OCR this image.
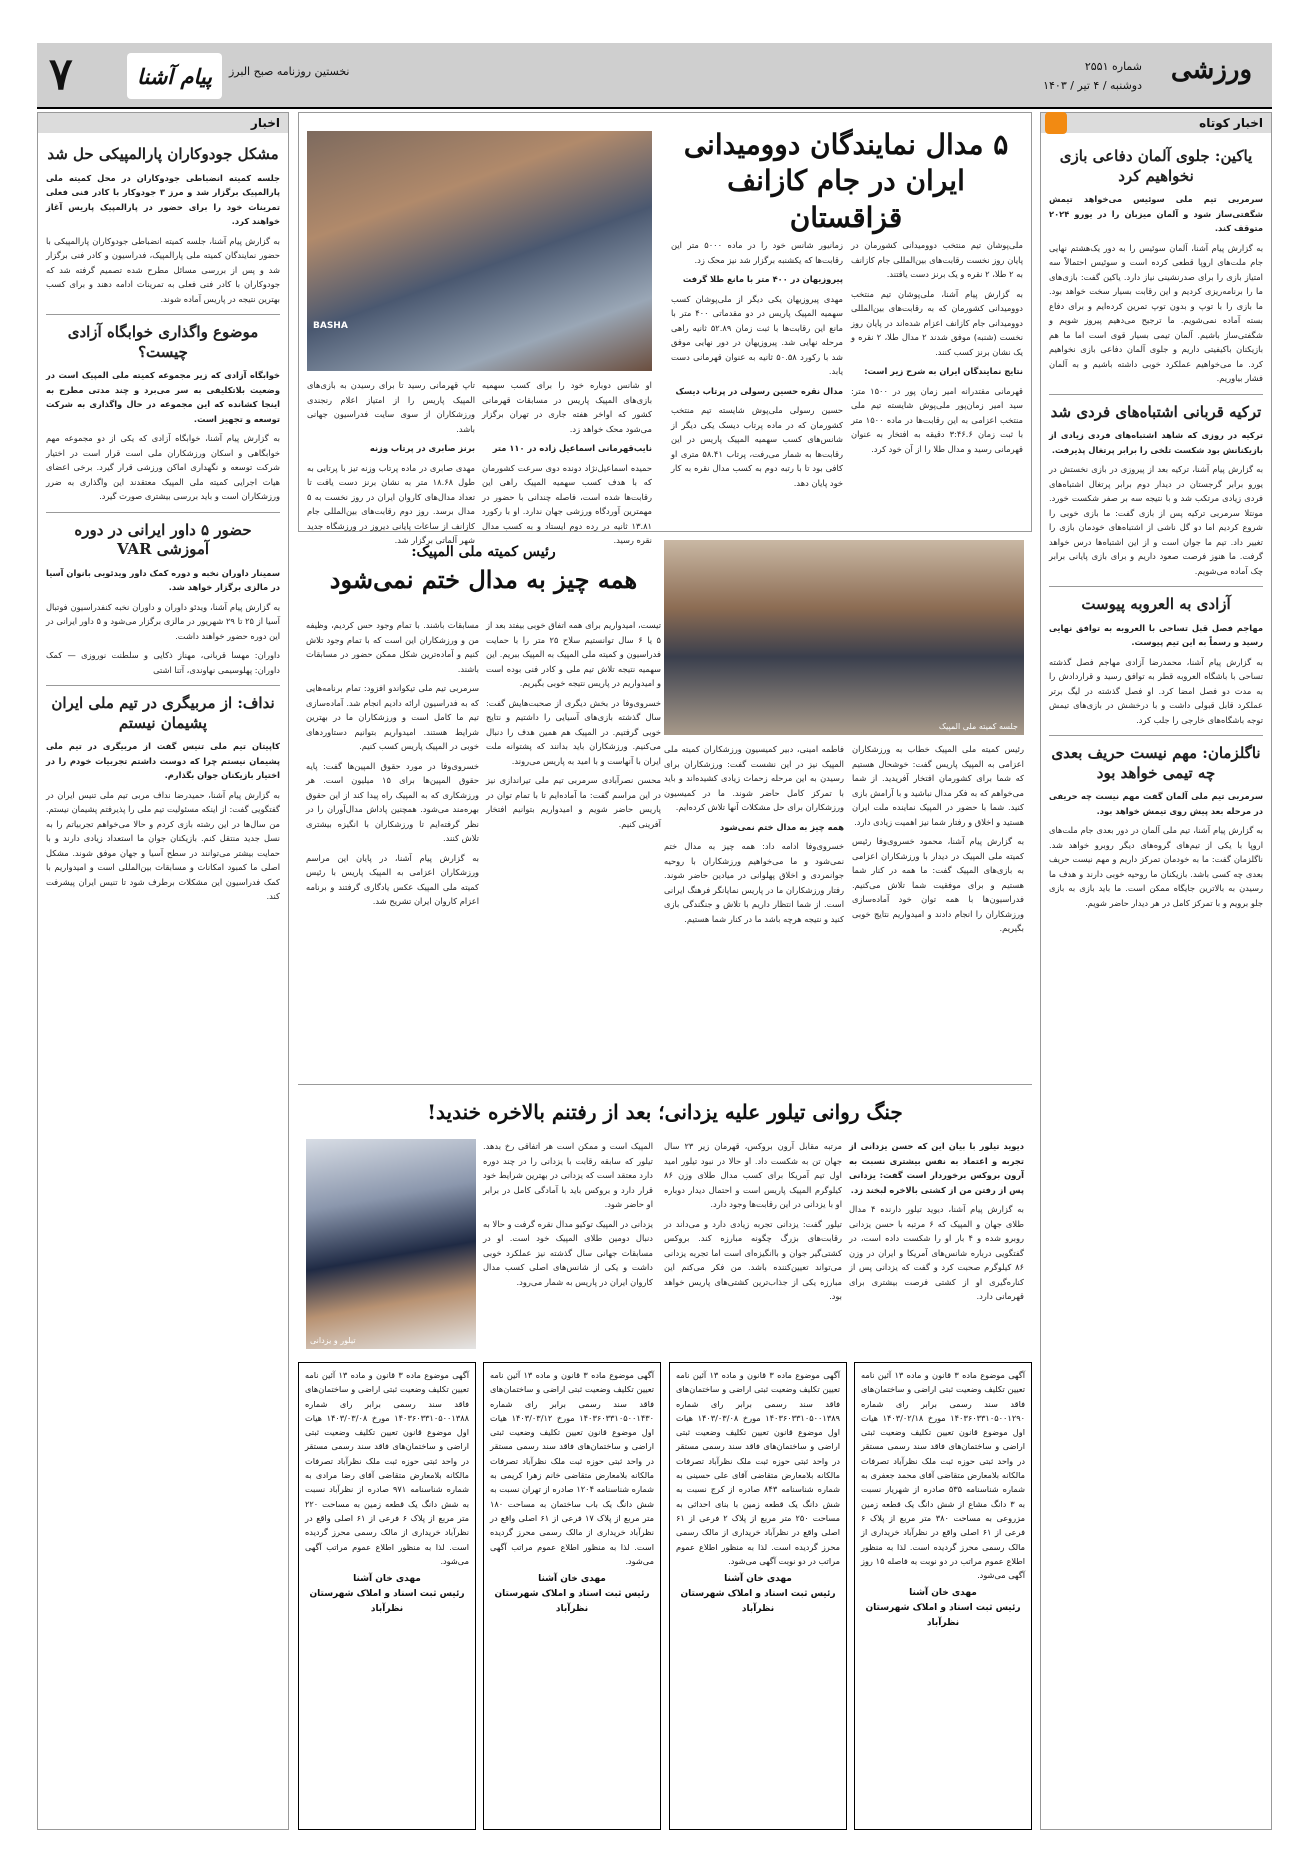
ورزشی
شماره ۲۵۵۱
دوشنبه / ۴ تیر / ۱۴۰۳
۷	پیام آشنا	نخستین روزنامه صبح البرز
اخبار کوتاه
یاکین: جلوی آلمان دفاعی بازی نخواهیم کرد

سرمربی تیم ملی سوئیس می‌خواهد تیمش شگفتی‌ساز شود و آلمان میزبان را در یورو ۲۰۲۴ متوقف کند.

به گزارش پیام آشنا، آلمان سوئیس را به دور یک‌هشتم نهایی جام ملت‌های اروپا قطعی کرده است و سوئیس احتمالاً سه امتیاز بازی را برای صدرنشینی نیاز دارد. یاکین گفت: بازی‌های ما را برنامه‌ریزی کردیم و این رقابت بسیار سخت خواهد بود. ما بازی را با توپ و بدون توپ تمرین کرده‌ایم و برای دفاع بسته آماده نمی‌شویم. ما ترجیح می‌دهیم پیروز شویم و شگفتی‌ساز باشیم. آلمان تیمی بسیار قوی است اما ما هم بازیکنان باکیفیتی داریم و جلوی آلمان دفاعی بازی نخواهیم کرد. ما می‌خواهیم عملکرد خوبی داشته باشیم و به آلمان فشار بیاوریم.

ترکیه قربانی اشتباه‌های فردی شد

ترکیه در روزی که شاهد اشتباه‌های فردی زیادی از بازیکنانش بود شکست تلخی را برابر پرتغال پذیرفت.

به گزارش پیام آشنا، ترکیه بعد از پیروزی در بازی نخستش در یورو برابر گرجستان در دیدار دوم برابر پرتغال اشتباه‌های فردی زیادی مرتکب شد و با نتیجه سه بر صفر شکست خورد. مونتلا سرمربی ترکیه پس از بازی گفت: ما بازی خوبی را شروع کردیم اما دو گل ناشی از اشتباه‌های خودمان بازی را تغییر داد. تیم ما جوان است و از این اشتباه‌ها درس خواهد گرفت. ما هنوز فرصت صعود داریم و برای بازی پایانی برابر چک آماده می‌شویم.

آزادی به العروبه پیوست

مهاجم فصل قبل تساحی با العروبه به توافق نهایی رسید و رسماً به این تیم پیوست.

به گزارش پیام آشنا، محمدرضا آزادی مهاجم فصل گذشته تساحی با باشگاه العروبه قطر به توافق رسید و قراردادش را به مدت دو فصل امضا کرد. او فصل گذشته در لیگ برتر عملکرد قابل قبولی داشت و با درخشش در بازی‌های تیمش توجه باشگاه‌های خارجی را جلب کرد.

ناگلزمان: مهم نیست حریف بعدی چه تیمی خواهد بود

سرمربی تیم ملی آلمان گفت مهم نیست چه حریفی در مرحله بعد پیش روی تیمش خواهد بود.

به گزارش پیام آشنا، تیم ملی آلمان در دور بعدی جام ملت‌های اروپا با یکی از تیم‌های گروه‌های دیگر روبرو خواهد شد. ناگلزمان گفت: ما به خودمان تمرکز داریم و مهم نیست حریف بعدی چه کسی باشد. بازیکنان ما روحیه خوبی دارند و هدف ما رسیدن به بالاترین جایگاه ممکن است. ما باید بازی به بازی جلو برویم و با تمرکز کامل در هر دیدار حاضر شویم.

۵ مدال نمایندگان دوومیدانی
ایران در جام کازانف قزاقستان
BASHA

ملی‌پوشان تیم منتخب دوومیدانی کشورمان در پایان روز نخست رقابت‌های بین‌المللی جام کازانف به ۲ طلا، ۲ نقره و یک برنز دست یافتند.

به گزارش پیام آشنا، ملی‌پوشان تیم منتخب دوومیدانی کشورمان که به رقابت‌های بین‌المللی دوومیدانی جام کازانف اعزام شده‌اند در پایان روز نخست (شنبه) موفق شدند ۲ مدال طلا، ۲ نقره و یک نشان برنز کسب کنند.

نتایج نمایندگان ایران به شرح زیر است:

قهرمانی مقتدرانه امیر زمان پور در ۱۵۰۰ متر: سید امیر زمان‌پور ملی‌پوش شایسته تیم ملی منتخب اعزامی به این رقابت‌ها در ماده ۱۵۰۰ متر با ثبت زمان ۳:۴۶.۶ دقیقه به افتخار به عنوان قهرمانی رسید و مدال طلا را از آن خود کرد.

زمانیور شانس خود را در ماده ۵۰۰۰ متر این رقابت‌ها که یکشنبه برگزار شد نیز محک زد.

پیروزیهان در ۴۰۰ متر با مانع طلا گرفت

مهدی پیروزیهان یکی دیگر از ملی‌پوشان کسب سهمیه المپیک پاریس در دو مقدماتی ۴۰۰ متر با مانع این رقابت‌ها با ثبت زمان ۵۲.۸۹ ثانیه راهی مرحله نهایی شد. پیروزیهان در دور نهایی موفق شد با رکورد ۵۰.۵۸ ثانیه به عنوان قهرمانی دست یابد.

مدال نقره حسین رسولی در پرتاب دیسک

حسین رسولی ملی‌پوش شایسته تیم منتخب کشورمان که در ماده پرتاب دیسک یکی دیگر از شانس‌های کسب سهمیه المپیک پاریس در این رقابت‌ها به شمار می‌رفت، پرتاب ۵۸.۴۱ متری او کافی بود تا با رتبه دوم به کسب مدال نقره به کار خود پایان دهد.

او شانس دوباره خود را برای کسب سهمیه بازی‌های المپیک پاریس در مسابقات قهرمانی کشور که اواخر هفته جاری در تهران برگزار می‌شود محک خواهد زد.

نایب‌قهرمانی اسماعیل زاده در ۱۱۰ متر

حمیده اسماعیل‌نژاد دونده دوی سرعت کشورمان که با هدف کسب سهمیه المپیک راهی این رقابت‌ها شده است، فاصله چندانی با حضور در مهمترین آوردگاه ورزشی جهان ندارد. او با رکورد ۱۳.۸۱ ثانیه در رده دوم ایستاد و به کسب مدال نقره رسید.

تاپ قهرمانی رسید تا برای رسیدن به بازی‌های المپیک پاریس را از امتیاز اعلام رنجندی ورزشکاران از سوی سایت فدراسیون جهانی باشد.

برنز صابری در پرتاب وزنه

مهدی صابری در ماده پرتاب وزنه تیز با پرتابی به طول ۱۸.۶۸ متر به نشان برنز دست یافت تا تعداد مدال‌های کاروان ایران در روز نخست به ۵ مدال برسد. روز دوم رقابت‌های بین‌المللی جام کازانف از ساعات پایانی دیروز در ورزشگاه جدید شهر آلماتی برگزار شد.

جلسه کمیته ملی المپیک
رئیس کمیته ملی المپیک:
همه چیز به مدال ختم نمی‌شود

رئیس کمیته ملی المپیک خطاب به ورزشکاران اعزامی به المپیک پاریس گفت: خوشحال هستیم که شما برای کشورمان افتخار آفریدید. از شما می‌خواهم که به فکر مدال نباشید و با آرامش بازی کنید. شما با حضور در المپیک نماینده ملت ایران هستید و اخلاق و رفتار شما نیز اهمیت زیادی دارد.

به گزارش پیام آشنا، محمود خسروی‌وفا رئیس کمیته ملی المپیک در دیدار با ورزشکاران اعزامی به بازی‌های المپیک گفت: ما همه در کنار شما هستیم و برای موفقیت شما تلاش می‌کنیم. فدراسیون‌ها با همه توان خود آماده‌سازی ورزشکاران را انجام دادند و امیدواریم نتایج خوبی بگیریم.

فاطمه امینی، دبیر کمیسیون ورزشکاران کمیته ملی المپیک نیز در این نشست گفت: ورزشکاران برای رسیدن به این مرحله زحمات زیادی کشیده‌اند و باید با تمرکز کامل حاضر شوند. ما در کمیسیون ورزشکاران برای حل مشکلات آنها تلاش کرده‌ایم.

همه چیز به مدال ختم نمی‌شود

خسروی‌وفا ادامه داد: همه چیز به مدال ختم نمی‌شود و ما می‌خواهیم ورزشکاران با روحیه جوانمردی و اخلاق پهلوانی در میادین حاضر شوند. رفتار ورزشکاران ما در پاریس نمایانگر فرهنگ ایرانی است. از شما انتظار داریم با تلاش و جنگندگی بازی کنید و نتیجه هرچه باشد ما در کنار شما هستیم.

تیست، امیدواریم برای همه اتفاق خوبی بیفتد بعد از ۵ یا ۶ سال توانستیم سلاح ۲۵ متر را با حمایت فدراسیون و کمیته ملی المپیک به المپیک ببریم. این سهمیه نتیجه تلاش تیم ملی و کادر فنی بوده است و امیدواریم در پاریس نتیجه خوبی بگیریم.

خسروی‌وفا در بخش دیگری از صحبت‌هایش گفت: سال گذشته بازی‌های آسیایی را داشتیم و نتایج خوبی گرفتیم. در المپیک هم همین هدف را دنبال می‌کنیم. ورزشکاران باید بدانند که پشتوانه ملت ایران با آنهاست و با امید به پاریس می‌روند.

محسن نصرآبادی سرمربی تیم ملی تیراندازی نیز در این مراسم گفت: ما آماده‌ایم تا با تمام توان در پاریس حاضر شویم و امیدواریم بتوانیم افتخار آفرینی کنیم.

مسابقات باشند. با تمام وجود حس کردیم، وظیفه من و ورزشکاران این است که با تمام وجود تلاش کنیم و آماده‌ترین شکل ممکن حضور در مسابقات باشند.

سرمربی تیم ملی تیکواندو افزود: تمام برنامه‌هایی که به فدراسیون ارائه دادیم انجام شد. آماده‌سازی تیم ما کامل است و ورزشکاران ما در بهترین شرایط هستند. امیدواریم بتوانیم دستاوردهای خوبی در المپیک پاریس کسب کنیم.

خسروی‌وفا در مورد حقوق المپین‌ها گفت: پایه حقوق المپین‌ها برای ۱۵ میلیون است. هر ورزشکاری که به المپیک راه پیدا کند از این حقوق بهره‌مند می‌شود. همچنین پاداش مدال‌آوران را در نظر گرفته‌ایم تا ورزشکاران با انگیزه بیشتری تلاش کنند.

به گزارش پیام آشنا، در پایان این مراسم ورزشکاران اعزامی به المپیک پاریس با رئیس کمیته ملی المپیک عکس یادگاری گرفتند و برنامه اعزام کاروان ایران تشریح شد.

جنگ روانی تیلور علیه یزدانی؛ بعد از رفتنم بالاخره خندید!
تیلور و یزدانی

دیوید تیلور با بیان این که حسن یزدانی از تجربه و اعتماد به نفس بیشتری نسبت به آرون بروکس برخوردار است گفت: یزدانی پس از رفتن من از کشتی بالاخره لبخند زد.

به گزارش پیام آشنا، دیوید تیلور دارنده ۴ مدال طلای جهان و المپیک که ۶ مرتبه با حسن یزدانی روبرو شده و ۴ بار او را شکست داده است، در گفتگویی درباره شانس‌های آمریکا و ایران در وزن ۸۶ کیلوگرم صحبت کرد و گفت که یزدانی پس از کناره‌گیری او از کشتی فرصت بیشتری برای قهرمانی دارد.

مرتبه مقابل آرون بروکس، قهرمان زیر ۲۳ سال جهان تن به شکست داد. او حالا در نبود تیلور امید اول تیم آمریکا برای کسب مدال طلای وزن ۸۶ کیلوگرم المپیک پاریس است و احتمال دیدار دوباره او با یزدانی در این رقابت‌ها وجود دارد.

تیلور گفت: یزدانی تجربه زیادی دارد و می‌داند در رقابت‌های بزرگ چگونه مبارزه کند. بروکس کشتی‌گیر جوان و باانگیزه‌ای است اما تجربه یزدانی می‌تواند تعیین‌کننده باشد. من فکر می‌کنم این مبارزه یکی از جذاب‌ترین کشتی‌های پاریس خواهد بود.

المپیک است و ممکن است هر اتفاقی رخ بدهد. تیلور که سابقه رقابت با یزدانی را در چند دوره دارد معتقد است که یزدانی در بهترین شرایط خود قرار دارد و بروکس باید با آمادگی کامل در برابر او حاضر شود.

یزدانی در المپیک توکیو مدال نقره گرفت و حالا به دنبال دومین طلای المپیک خود است. او در مسابقات جهانی سال گذشته نیز عملکرد خوبی داشت و یکی از شانس‌های اصلی کسب مدال کاروان ایران در پاریس به شمار می‌رود.

آگهی موضوع ماده ۳ قانون و ماده ۱۳ آئین نامه تعیین تکلیف وضعیت ثبتی اراضی و ساختمان‌های فاقد سند رسمی برابر رای شماره ۱۴۰۳۶۰۳۳۱۰۵۰۰۱۲۹۰ مورخ ۱۴۰۳/۰۲/۱۸ هیات اول موضوع قانون تعیین تکلیف وضعیت ثبتی اراضی و ساختمان‌های فاقد سند رسمی مستقر در واحد ثبتی حوزه ثبت ملک نظرآباد تصرفات مالکانه بلامعارض متقاضی آقای محمد جعفری به شماره شناسنامه ۵۳۵ صادره از شهریار نسبت به ۳ دانگ مشاع از شش دانگ یک قطعه زمین مزروعی به مساحت ۳۸۰ متر مربع از پلاک ۶ فرعی از ۶۱ اصلی واقع در نظرآباد خریداری از مالک رسمی محرز گردیده است. لذا به منظور اطلاع عموم مراتب در دو نوبت به فاصله ۱۵ روز آگهی می‌شود.

مهدی خان آشنا
رئیس ثبت اسناد و املاک شهرستان نظرآباد

آگهی موضوع ماده ۳ قانون و ماده ۱۳ آئین نامه تعیین تکلیف وضعیت ثبتی اراضی و ساختمان‌های فاقد سند رسمی برابر رای شماره ۱۴۰۳۶۰۳۳۱۰۵۰۰۱۳۸۹ مورخ ۱۴۰۳/۰۳/۰۸ هیات اول موضوع قانون تعیین تکلیف وضعیت ثبتی اراضی و ساختمان‌های فاقد سند رسمی مستقر در واحد ثبتی حوزه ثبت ملک نظرآباد تصرفات مالکانه بلامعارض متقاضی آقای علی حسینی به شماره شناسنامه ۸۴۳ صادره از کرج نسبت به شش دانگ یک قطعه زمین با بنای احداثی به مساحت ۲۵۰ متر مربع از پلاک ۲ فرعی از ۶۱ اصلی واقع در نظرآباد خریداری از مالک رسمی محرز گردیده است. لذا به منظور اطلاع عموم مراتب در دو نوبت آگهی می‌شود.

مهدی خان آشنا
رئیس ثبت اسناد و املاک شهرستان نظرآباد

آگهی موضوع ماده ۳ قانون و ماده ۱۳ آئین نامه تعیین تکلیف وضعیت ثبتی اراضی و ساختمان‌های فاقد سند رسمی برابر رای شماره ۱۴۰۳۶۰۳۳۱۰۵۰۰۱۴۳۰ مورخ ۱۴۰۳/۰۳/۱۲ هیات اول موضوع قانون تعیین تکلیف وضعیت ثبتی اراضی و ساختمان‌های فاقد سند رسمی مستقر در واحد ثبتی حوزه ثبت ملک نظرآباد تصرفات مالکانه بلامعارض متقاضی خانم زهرا کریمی به شماره شناسنامه ۱۲۰۴ صادره از تهران نسبت به شش دانگ یک باب ساختمان به مساحت ۱۸۰ متر مربع از پلاک ۱۷ فرعی از ۶۱ اصلی واقع در نظرآباد خریداری از مالک رسمی محرز گردیده است. لذا به منظور اطلاع عموم مراتب آگهی می‌شود.

مهدی خان آشنا
رئیس ثبت اسناد و املاک شهرستان نظرآباد

آگهی موضوع ماده ۳ قانون و ماده ۱۳ آئین نامه تعیین تکلیف وضعیت ثبتی اراضی و ساختمان‌های فاقد سند رسمی برابر رای شماره ۱۴۰۳۶۰۳۳۱۰۵۰۰۱۳۸۸ مورخ ۱۴۰۳/۰۳/۰۸ هیات اول موضوع قانون تعیین تکلیف وضعیت ثبتی اراضی و ساختمان‌های فاقد سند رسمی مستقر در واحد ثبتی حوزه ثبت ملک نظرآباد تصرفات مالکانه بلامعارض متقاضی آقای رضا مرادی به شماره شناسنامه ۹۷۱ صادره از نظرآباد نسبت به شش دانگ یک قطعه زمین به مساحت ۲۲۰ متر مربع از پلاک ۶ فرعی از ۶۱ اصلی واقع در نظرآباد خریداری از مالک رسمی محرز گردیده است. لذا به منظور اطلاع عموم مراتب آگهی می‌شود.

مهدی خان آشنا
رئیس ثبت اسناد و املاک شهرستان نظرآباد
اخبار
مشکل جودوکاران پارالمپیکی حل شد

جلسه کمیته انضباطی جودوکاران در محل کمیته ملی پارالمپیک برگزار شد و مرز ۳ جودوکار با کادر فنی فعلی تمرینات خود را برای حضور در پارالمپیک پاریس آغاز خواهند کرد.

به گزارش پیام آشنا، جلسه کمیته انضباطی جودوکاران پارالمپیکی با حضور نمایندگان کمیته ملی پارالمپیک، فدراسیون و کادر فنی برگزار شد و پس از بررسی مسائل مطرح شده تصمیم گرفته شد که جودوکاران با کادر فنی فعلی به تمرینات ادامه دهند و برای کسب بهترین نتیجه در پاریس آماده شوند.

موضوع واگذاری خوابگاه آزادی چیست؟

خوابگاه آزادی که زیر مجموعه کمیته ملی المپیک است در وضعیت بلاتکلیفی به سر می‌برد و چند مدتی مطرح به اینجا کشانده که این مجموعه در حال واگذاری به شرکت توسعه و تجهیز است.

به گزارش پیام آشنا، خوابگاه آزادی که یکی از دو مجموعه مهم خوابگاهی و اسکان ورزشکاران ملی است قرار است در اختیار شرکت توسعه و نگهداری اماکن ورزشی قرار گیرد. برخی اعضای هیات اجرایی کمیته ملی المپیک معتقدند این واگذاری به ضرر ورزشکاران است و باید بررسی بیشتری صورت گیرد.

حضور ۵ داور ایرانی در دوره آموزشی VAR

سمینار داوران نخبه و دوره کمک داور ویدئویی بانوان آسیا در مالزی برگزار خواهد شد.

به گزارش پیام آشنا، ویدئو داوران و داوران نخبه کنفدراسیون فوتبال آسیا از ۲۵ تا ۲۹ شهریور در مالزی برگزار می‌شود و ۵ داور ایرانی در این دوره حضور خواهند داشت.

داوران: مهسا قربانی، مهناز ذکایی و سلطنت نوروزی — کمک داوران: پهلوسیمی نهاوندی، آتنا اشتی

نداف: از مربیگری در تیم ملی ایران پشیمان نیستم

کاپیتان تیم ملی تنیس گفت از مربیگری در تیم ملی پشیمان نیستم چرا که دوست داشتم تجربیات خودم را در اختیار بازیکنان جوان بگذارم.

به گزارش پیام آشنا، حمیدرضا نداف مربی تیم ملی تنیس ایران در گفتگویی گفت: از اینکه مسئولیت تیم ملی را پذیرفتم پشیمان نیستم. من سال‌ها در این رشته بازی کردم و حالا می‌خواهم تجربیاتم را به نسل جدید منتقل کنم. بازیکنان جوان ما استعداد زیادی دارند و با حمایت بیشتر می‌توانند در سطح آسیا و جهان موفق شوند. مشکل اصلی ما کمبود امکانات و مسابقات بین‌المللی است و امیدواریم با کمک فدراسیون این مشکلات برطرف شود تا تنیس ایران پیشرفت کند.
